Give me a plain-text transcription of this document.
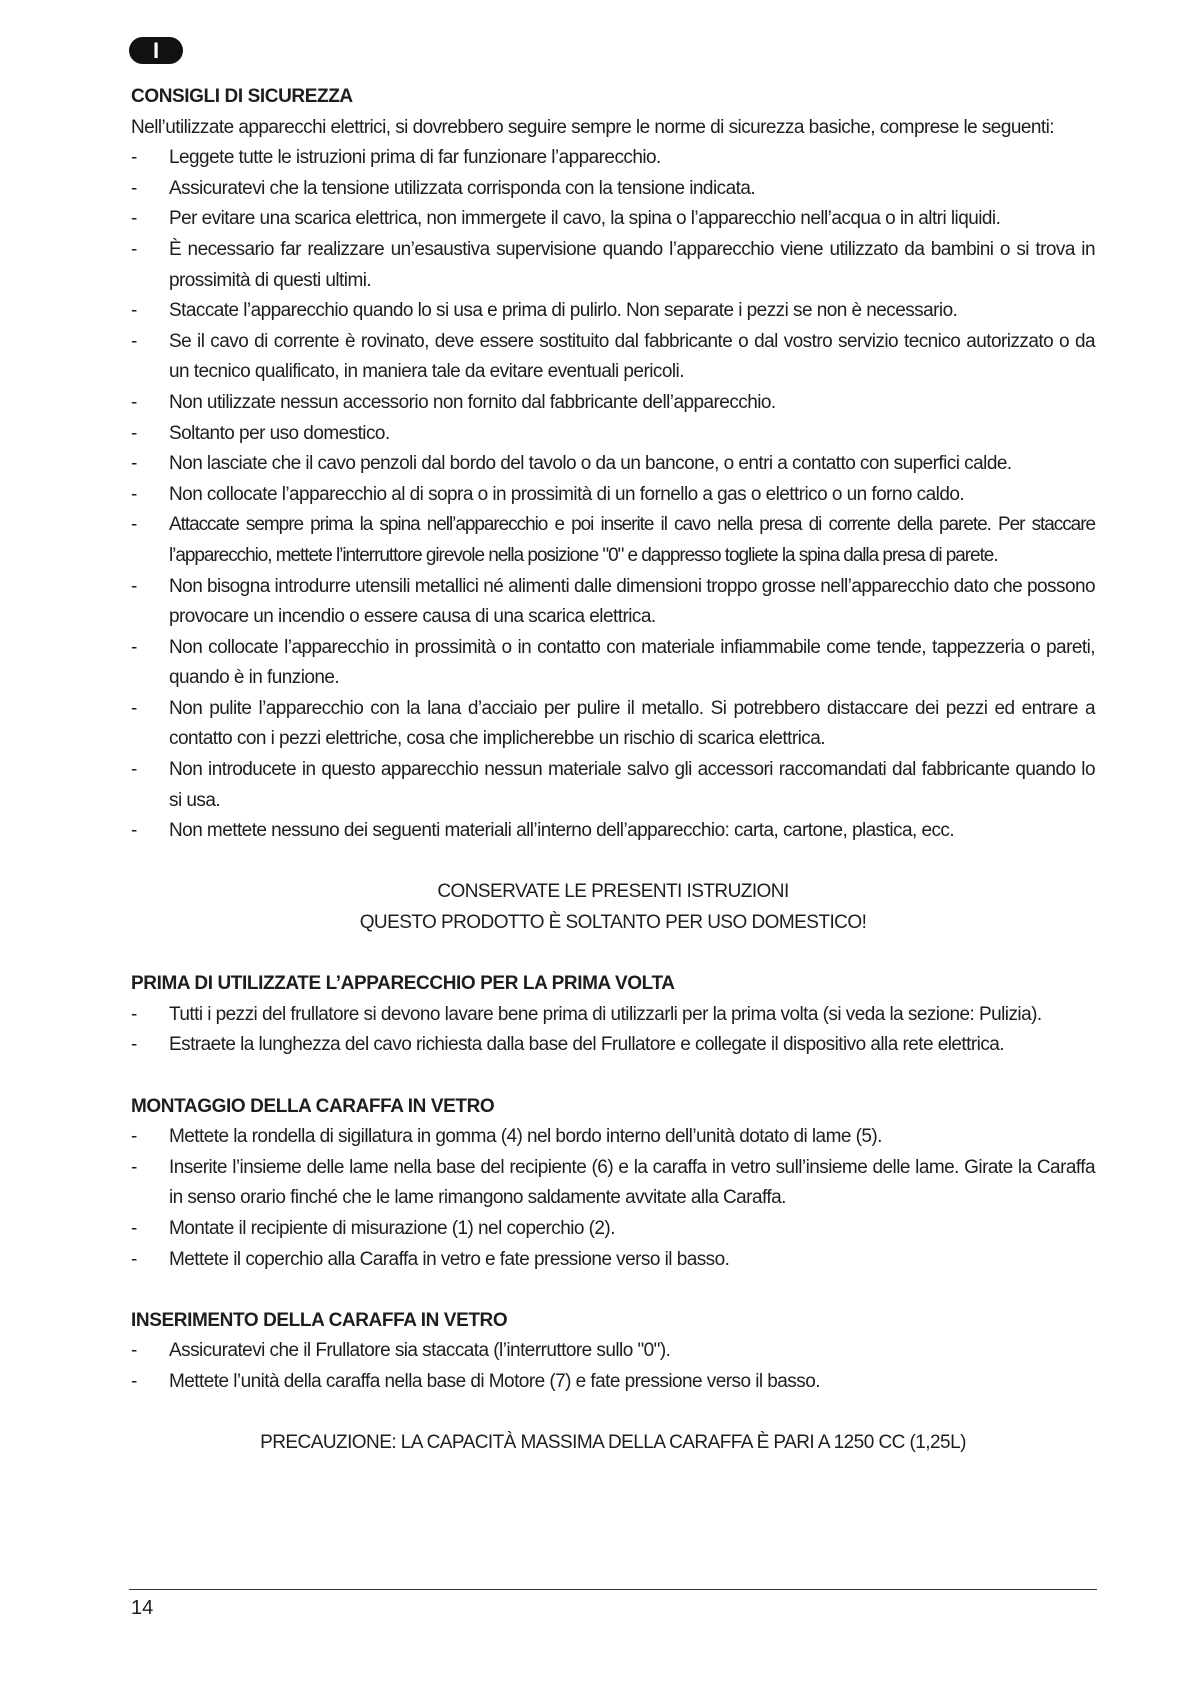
I
CONSIGLI DI SICUREZZA

Nell’utilizzate apparecchi elettrici, si dovrebbero seguire sempre le norme di sicurezza basiche, comprese le seguenti:

-	Leggete tutte le istruzioni prima di far funzionare l’apparecchio.
-	Assicuratevi che la tensione utilizzata corrisponda con la tensione indicata.
-	Per evitare una scarica elettrica, non immergete il cavo, la spina o l’apparecchio nell’acqua o in altri liquidi.
-	È necessario far realizzare un’esaustiva supervisione quando l’apparecchio viene utilizzato da bambini o si trova in prossimità di questi ultimi.
-	Staccate l’apparecchio quando lo si usa e prima di pulirlo. Non separate i pezzi se non è necessario.
-	Se il cavo di corrente è rovinato, deve essere sostituito dal fabbricante o dal vostro servizio tecnico autorizzato o da un tecnico qualificato, in maniera tale da evitare eventuali pericoli.
-	Non utilizzate nessun accessorio non fornito dal fabbricante dell’apparecchio.
-	Soltanto per uso domestico.
-	Non lasciate che il cavo penzoli dal bordo del tavolo o da un bancone, o entri a contatto con superfici calde.
-	Non collocate l’apparecchio al di sopra o in prossimità di un fornello a gas o elettrico o un forno caldo.
-	Attaccate sempre prima la spina nell’apparecchio e poi inserite il cavo nella presa di corrente della parete. Per staccare l’apparecchio, mettete l’interruttore girevole nella posizione "0" e dappresso togliete la spina dalla presa di parete.
-	Non bisogna introdurre utensili metallici né alimenti dalle dimensioni troppo grosse nell’apparecchio dato che possono provocare un incendio o essere causa di una scarica elettrica.
-	Non collocate l’apparecchio in prossimità o in contatto con materiale infiammabile come tende, tappezzeria o pareti, quando è in funzione.
-	Non pulite l’apparecchio con la lana d’acciaio per pulire il metallo. Si potrebbero distaccare dei pezzi ed entrare a contatto con i pezzi elettriche, cosa che implicherebbe un rischio di scarica elettrica.
-	Non introducete in questo apparecchio nessun materiale salvo gli accessori raccomandati dal fabbricante quando lo si usa.
-	Non mettete nessuno dei seguenti materiali all’interno dell’apparecchio: carta, cartone, plastica, ecc.

CONSERVATE LE PRESENTI ISTRUZIONI

QUESTO PRODOTTO È SOLTANTO PER USO DOMESTICO!

PRIMA DI UTILIZZATE L’APPARECCHIO PER LA PRIMA VOLTA
-	Tutti i pezzi del frullatore si devono lavare bene prima di utilizzarli per la prima volta (si veda la sezione: Pulizia).
-	Estraete la lunghezza del cavo richiesta dalla base del Frullatore e collegate il dispositivo alla rete elettrica.
MONTAGGIO DELLA CARAFFA IN VETRO
-	Mettete la rondella di sigillatura in gomma (4) nel bordo interno dell’unità dotato di lame (5).
-	Inserite l’insieme delle lame nella base del recipiente (6) e la caraffa in vetro sull’insieme delle lame. Girate la Caraffa in senso orario finché che le lame rimangono saldamente avvitate alla Caraffa.
-	Montate il recipiente di misurazione (1) nel coperchio (2).
-	Mettete il coperchio alla Caraffa in vetro e fate pressione verso il basso.
INSERIMENTO DELLA CARAFFA IN VETRO
-	Assicuratevi che il Frullatore sia staccata (l’interruttore sullo "0").
-	Mettete l’unità della caraffa nella base di Motore (7) e fate pressione verso il basso.

PRECAUZIONE: LA CAPACITÀ MASSIMA DELLA CARAFFA È PARI A 1250 CC (1,25L)

14
